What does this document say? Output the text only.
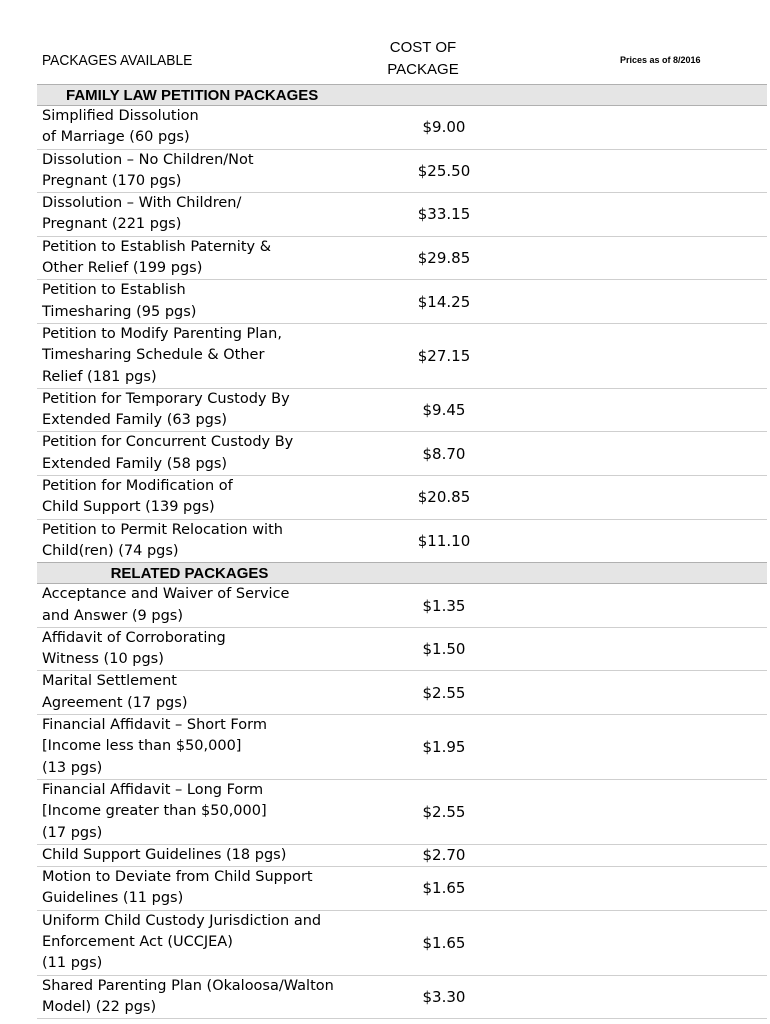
PACKAGES AVAILABLE
COST OF
PACKAGE
Prices as of 8/2016
FAMILY LAW PETITION PACKAGES
Simplified Dissolution
of Marriage (60 pgs)
$9.00
Dissolution – No Children/Not
Pregnant (170 pgs)
$25.50
Dissolution – With Children/
Pregnant (221 pgs)
$33.15
Petition to Establish Paternity &
Other Relief (199 pgs)
$29.85
Petition to Establish
Timesharing (95 pgs)
$14.25
Petition to Modify Parenting Plan,
Timesharing Schedule & Other
Relief (181 pgs)
$27.15
Petition for Temporary Custody By
Extended Family (63 pgs)
$9.45
Petition for Concurrent Custody By
Extended Family (58 pgs)
$8.70
Petition for Modification of
Child Support (139 pgs)
$20.85
Petition to Permit Relocation with
Child(ren) (74 pgs)
$11.10
RELATED PACKAGES
Acceptance and Waiver of Service
and Answer (9 pgs)
$1.35
Affidavit of Corroborating
Witness (10 pgs)
$1.50
Marital Settlement
Agreement (17 pgs)
$2.55
Financial Affidavit – Short Form
[Income less than $50,000]
(13 pgs)
$1.95
Financial Affidavit – Long Form
[Income greater than $50,000]
(17 pgs)
$2.55
Child Support Guidelines (18 pgs)	$2.70
Motion to Deviate from Child Support
Guidelines (11 pgs)
$1.65
Uniform Child Custody Jurisdiction and
Enforcement Act (UCCJEA)
(11 pgs)
$1.65
Shared Parenting Plan (Okaloosa/Walton
Model) (22 pgs)
$3.30
